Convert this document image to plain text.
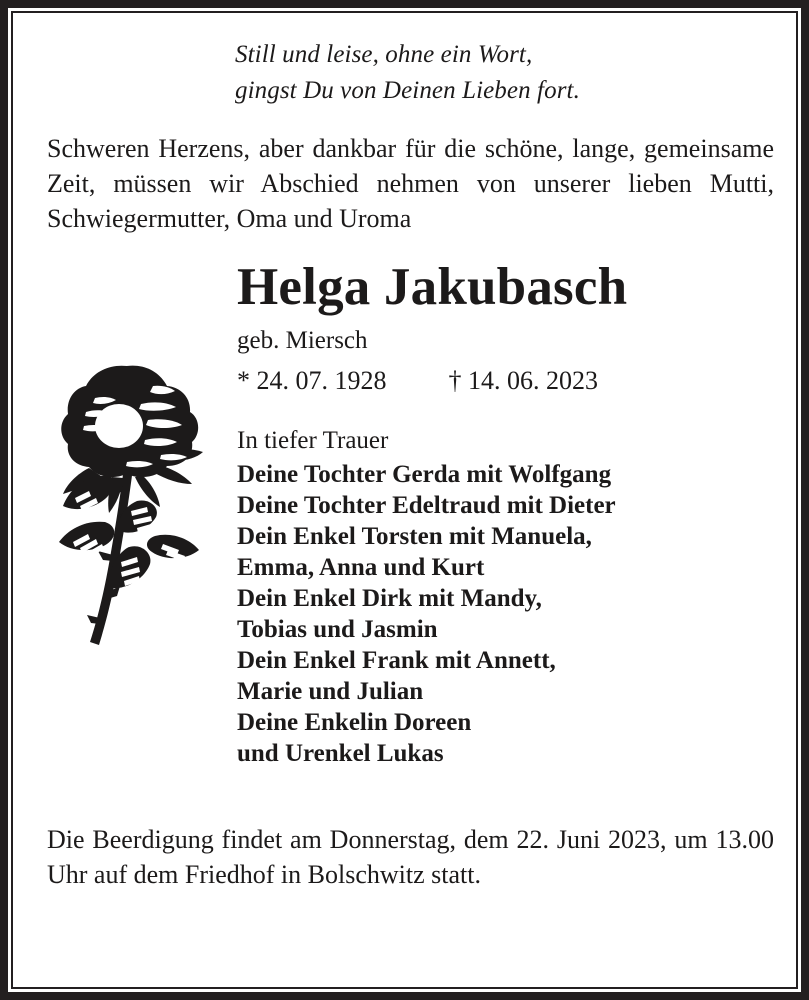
Still und leise, ohne ein Wort,
gingst Du von Deinen Lieben fort.

Schweren Herzens, aber dankbar für die schöne, lange, gemeinsame Zeit, müssen wir Abschied nehmen von unserer lieben Mutti, Schwiegermutter, Oma und Uroma

Helga Jakubasch

geb. Miersch

* 24. 07. 1928 † 14. 06. 2023

In tiefer Trauer

Deine Tochter Gerda mit Wolfgang
Deine Tochter Edeltraud mit Dieter
Dein Enkel Torsten mit Manuela,
Emma, Anna und Kurt
Dein Enkel Dirk mit Mandy,
Tobias und Jasmin
Dein Enkel Frank mit Annett,
Marie und Julian
Deine Enkelin Doreen
und Urenkel Lukas

Die Beerdigung findet am Donnerstag, dem 22. Juni 2023, um 13.00 Uhr auf dem Friedhof in Bolschwitz statt.
